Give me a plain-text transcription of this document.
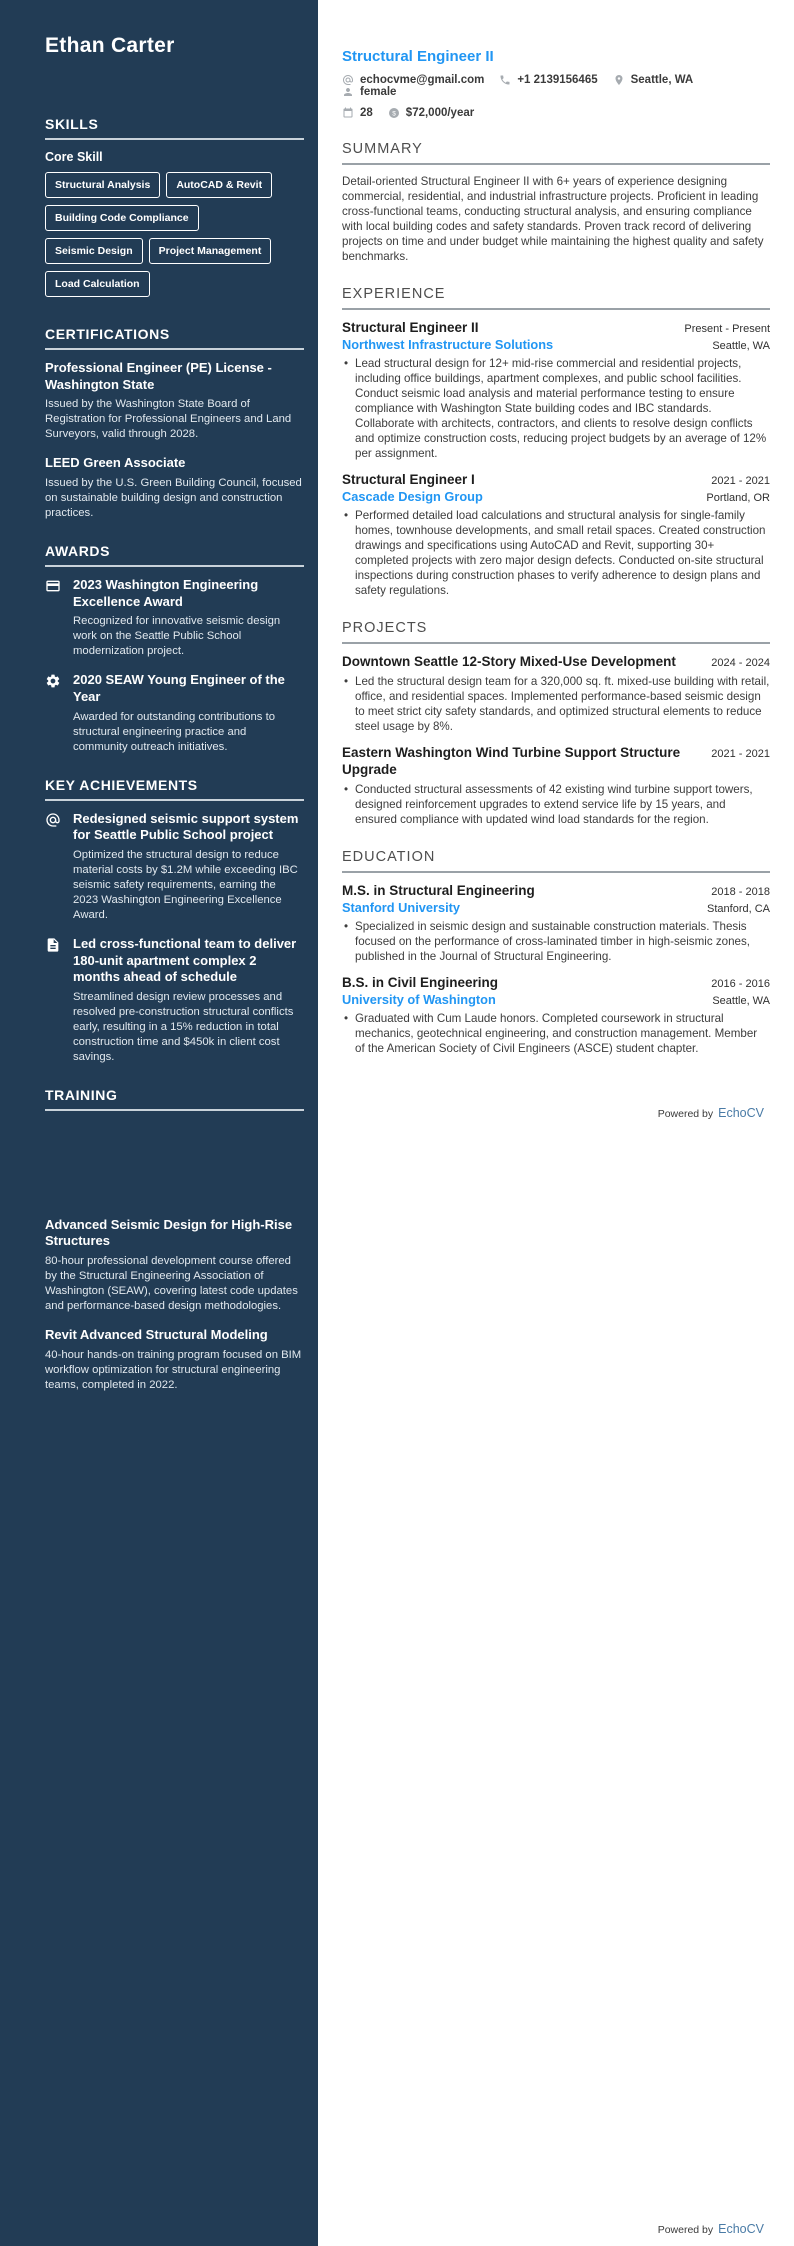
Ethan Carter
SKILLS
Core Skill
Structural Analysis	AutoCAD & Revit
Building Code Compliance
Seismic Design	Project Management
Load Calculation
CERTIFICATIONS
Professional Engineer (PE) License - Washington State
Issued by the Washington State Board of Registration for Professional Engineers and Land Surveyors, valid through 2028.
LEED Green Associate
Issued by the U.S. Green Building Council, focused on sustainable building design and construction practices.
AWARDS
2023 Washington Engineering Excellence Award
Recognized for innovative seismic design work on the Seattle Public School modernization project.
2020 SEAW Young Engineer of the Year
Awarded for outstanding contributions to structural engineering practice and community outreach initiatives.
KEY ACHIEVEMENTS
Redesigned seismic support system for Seattle Public School project
Optimized the structural design to reduce material costs by $1.2M while exceeding IBC seismic safety requirements, earning the 2023 Washington Engineering Excellence Award.
Led cross-functional team to deliver 180-unit apartment complex 2 months ahead of schedule
Streamlined design review processes and resolved pre-construction structural conflicts early, resulting in a 15% reduction in total construction time and $450k in client cost savings.
TRAINING
Advanced Seismic Design for High-Rise Structures
80-hour professional development course offered by the Structural Engineering Association of Washington (SEAW), covering latest code updates and performance-based design methodologies.
Revit Advanced Structural Modeling
40-hour hands-on training program focused on BIM workflow optimization for structural engineering teams, completed in 2022.
Structural Engineer II
echocvme@gmail.com	+1 2139156465	Seattle, WA
female
28 $ $72,000/year
SUMMARY

Detail-oriented Structural Engineer II with 6+ years of experience designing commercial, residential, and industrial infrastructure projects. Proficient in leading cross-functional teams, conducting structural analysis, and ensuring compliance with local building codes and safety standards. Proven track record of delivering projects on time and under budget while maintaining the highest quality and safety benchmarks.

EXPERIENCE
Structural Engineer II	Present - Present
Northwest Infrastructure Solutions	Seattle, WA
• Lead structural design for 12+ mid-rise commercial and residential projects, including office buildings, apartment complexes, and public school facilities. Conduct seismic load analysis and material performance testing to ensure compliance with Washington State building codes and IBC standards. Collaborate with architects, contractors, and clients to resolve design conflicts and optimize construction costs, reducing project budgets by an average of 12% per assignment.
Structural Engineer I	2021 - 2021
Cascade Design Group	Portland, OR
• Performed detailed load calculations and structural analysis for single-family homes, townhouse developments, and small retail spaces. Created construction drawings and specifications using AutoCAD and Revit, supporting 30+ completed projects with zero major design defects. Conducted on-site structural inspections during construction phases to verify adherence to design plans and safety regulations.
PROJECTS
Downtown Seattle 12-Story Mixed-Use Development	2024 - 2024
• Led the structural design team for a 320,000 sq. ft. mixed-use building with retail, office, and residential spaces. Implemented performance-based seismic design to meet strict city safety standards, and optimized structural elements to reduce steel usage by 8%.
Eastern Washington Wind Turbine Support Structure Upgrade
2021 - 2021
• Conducted structural assessments of 42 existing wind turbine support towers, designed reinforcement upgrades to extend service life by 15 years, and ensured compliance with updated wind load standards for the region.
EDUCATION
M.S. in Structural Engineering	2018 - 2018
Stanford University	Stanford, CA
• Specialized in seismic design and sustainable construction materials. Thesis focused on the performance of cross-laminated timber in high-seismic zones, published in the Journal of Structural Engineering.
B.S. in Civil Engineering	2016 - 2016
University of Washington	Seattle, WA
• Graduated with Cum Laude honors. Completed coursework in structural mechanics, geotechnical engineering, and construction management. Member of the American Society of Civil Engineers (ASCE) student chapter.
Powered by EchoCV
Powered by EchoCV
